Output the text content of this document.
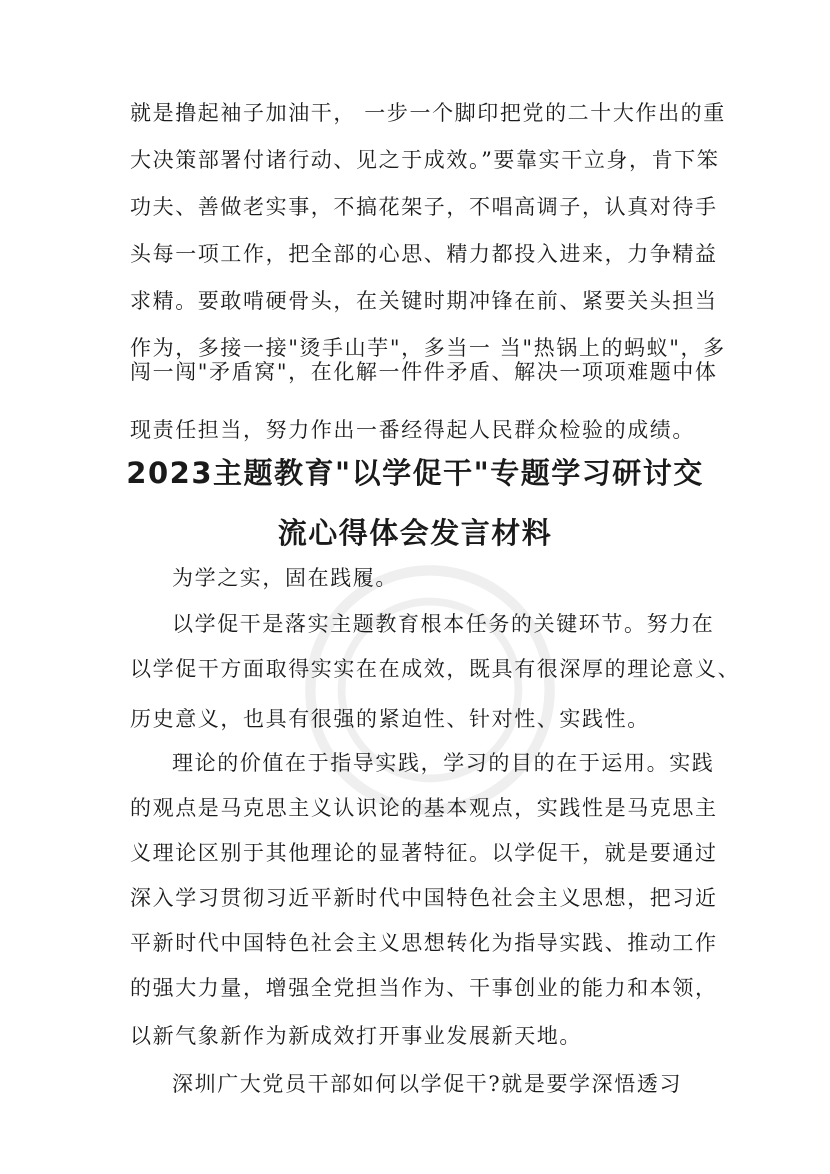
就是撸起袖子加油干， 一步一个脚印把党的二十大作出的重
大决策部署付诸行动、见之于成效。”要靠实干立身，肯下笨
功夫、善做老实事，不搞花架子，不唱高调子，认真对待手
头每一项工作，把全部的心思、精力都投入进来，力争精益
求精。要敢啃硬骨头，在关键时期冲锋在前、紧要关头担当
作为，多接一接"烫手山芋"，多当一 当"热锅上的蚂蚁"，多
闯一闯"矛盾窝"，在化解一件件矛盾、解决一项项难题中体
现责任担当，努力作出一番经得起人民群众检验的成绩。
2023主题教育"以学促干"专题学习研讨交
流心得体会发言材料
为学之实，固在践履。
以学促干是落实主题教育根本任务的关键环节。努力在
以学促干方面取得实实在在成效，既具有很深厚的理论意义、
历史意义，也具有很强的紧迫性、针对性、实践性。
理论的价值在于指导实践，学习的目的在于运用。实践
的观点是马克思主义认识论的基本观点，实践性是马克思主
义理论区别于其他理论的显著特征。以学促干，就是要通过
深入学习贯彻习近平新时代中国特色社会主义思想，把习近
平新时代中国特色社会主义思想转化为指导实践、推动工作
的强大力量，增强全党担当作为、干事创业的能力和本领，
以新气象新作为新成效打开事业发展新天地。
深圳广大党员干部如何以学促干?就是要学深悟透习
